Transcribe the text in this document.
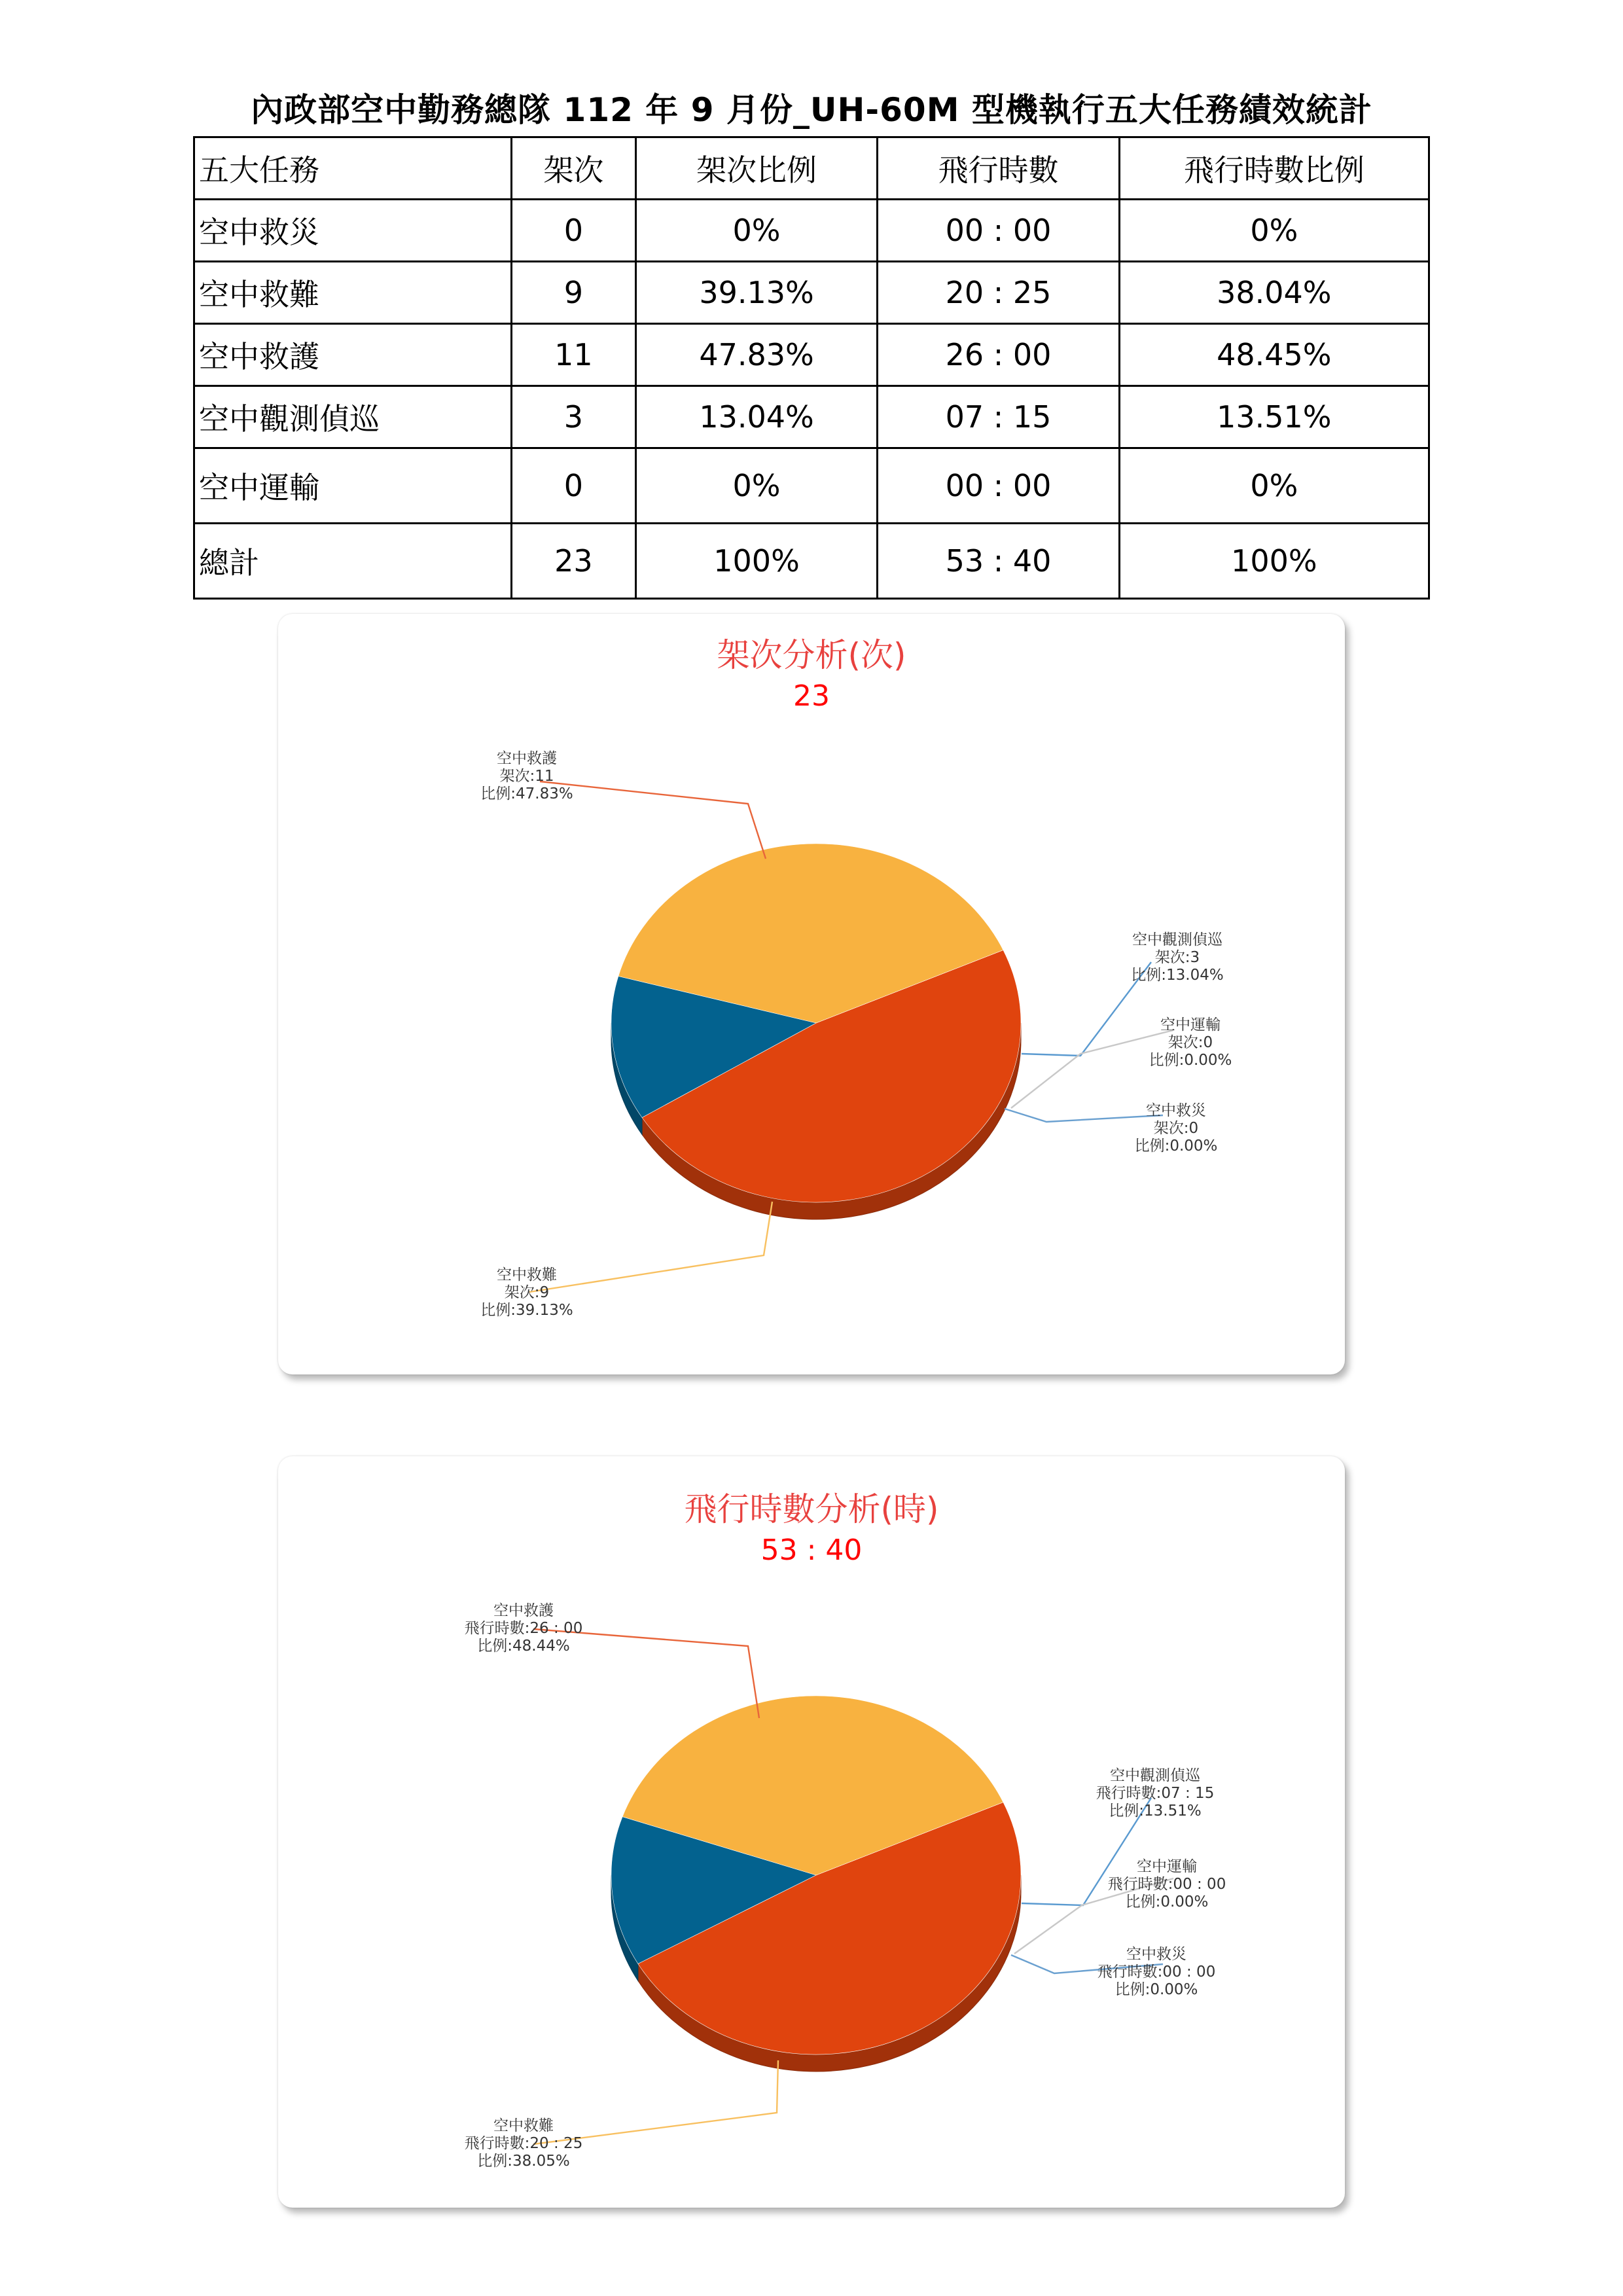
內政部空中勤務總隊 112 年 9 月份_UH-60M 型機執行五大任務績效統計
五大任務	架次	架次比例	飛行時數	飛行時數比例
空中救災	0	0%	00 : 00	0%
空中救難	9	39.13%	20 : 25	38.04%
空中救護	11	47.83%	26 : 00	48.45%
空中觀測偵巡	3	13.04%	07 : 15	13.51%
空中運輸	0	0%	00 : 00	0%
總計	23	100%	53 : 40	100%
架次分析(次)
23
空中救護架次:11 比例:47.83%
空中觀測偵巡架次:3 比例:13.04%
空中運輸架次:0 比例:0.00%
空中救災架次:0 比例:0.00%
空中救難架次:9 比例:39.13%
飛行時數分析(時)
53 : 40
空中救護飛行時數:26 : 00 比例:48.44%
空中觀測偵巡飛行時數:07 : 15 比例:13.51%
空中運輸飛行時數:00 : 00 比例:0.00%
空中救災飛行時數:00 : 00 比例:0.00%
空中救難飛行時數:20 : 25 比例:38.05%
